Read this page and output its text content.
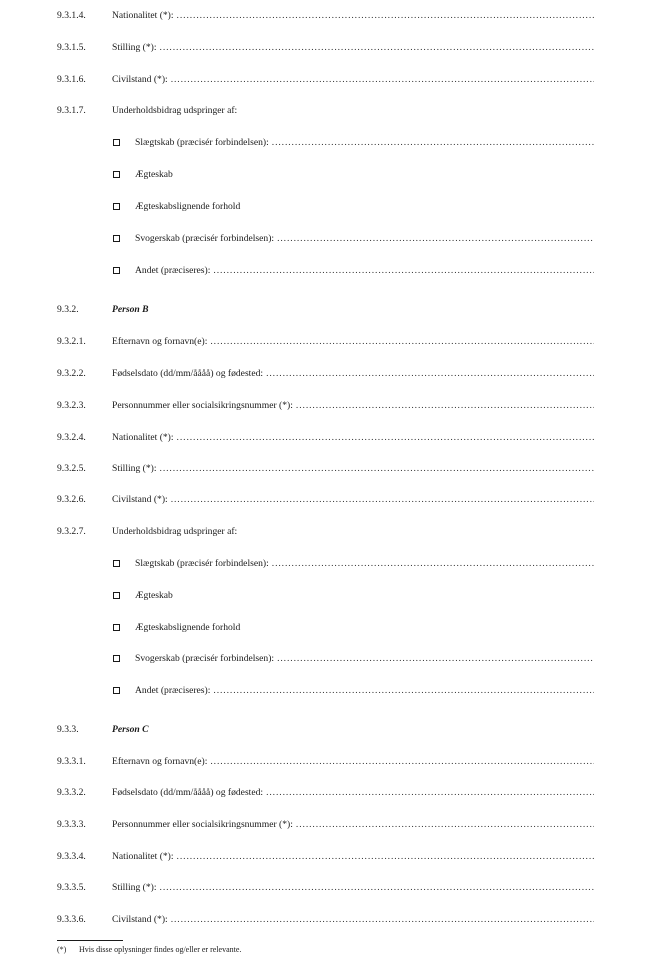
9.3.1.4.	Nationalitet (*):
.....
9.3.1.5.	Stilling (*):
.....
9.3.1.6.	Civilstand (*):
.....
9.3.1.7.	Underholdsbidrag udspringer af:
Slægtskab (præcisér forbindelsen):
.....
Ægteskab
Ægteskabslignende forhold
Svogerskab (præcisér forbindelsen):
.....
Andet (præciseres):
.....
9.3.2.	Person B
9.3.2.1.	Efternavn og fornavn(e):
.....
9.3.2.2.	Fødselsdato (dd/mm/åååå) og fødested:
.....
9.3.2.3.	Personnummer eller socialsikringsnummer (*):
.....
9.3.2.4.	Nationalitet (*):
.....
9.3.2.5.	Stilling (*):
.....
9.3.2.6.	Civilstand (*):
.....
9.3.2.7.	Underholdsbidrag udspringer af:
Slægtskab (præcisér forbindelsen):
.....
Ægteskab
Ægteskabslignende forhold
Svogerskab (præcisér forbindelsen):
.....
Andet (præciseres):
.....
9.3.3.	Person C
9.3.3.1.	Efternavn og fornavn(e):
.....
9.3.3.2.	Fødselsdato (dd/mm/åååå) og fødested:
.....
9.3.3.3.	Personnummer eller socialsikringsnummer (*):
.....
9.3.3.4.	Nationalitet (*):
.....
9.3.3.5.	Stilling (*):
.....
9.3.3.6.	Civilstand (*):
.....
(*) Hvis disse oplysninger findes og/eller er relevante.
